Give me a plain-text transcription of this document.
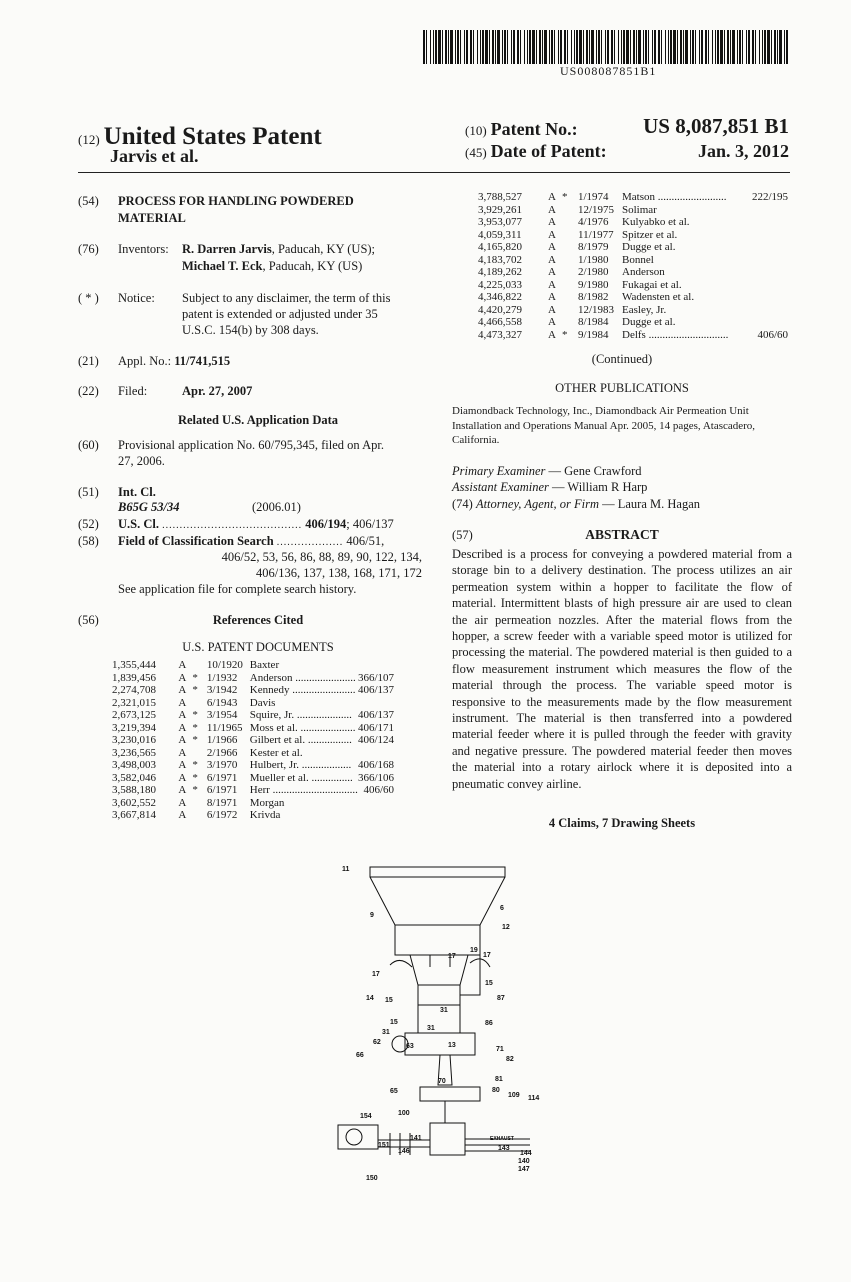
US008087851B1
(12) United States Patent
Jarvis et al.
(10) Patent No.:	US 8,087,851 B1
(45) Date of Patent:	Jan. 3, 2012
(54) PROCESS FOR HANDLING POWDERED
MATERIAL
(76) Inventors: R. Darren Jarvis, Paducah, KY (US);
Michael T. Eck, Paducah, KY (US)
( * ) Notice: Subject to any disclaimer, the term of this
patent is extended or adjusted under 35
U.S.C. 154(b) by 308 days.
(21) Appl. No.: 11/741,515
(22) Filed:	Apr. 27, 2007
Related U.S. Application Data
(60) Provisional application No. 60/795,345, filed on Apr.
27, 2006.
(51) Int. Cl.
B65G 53/34	(2006.01)
(52) U.S. Cl. ........................................ 406/194; 406/137
(58) Field of Classification Search ................... 406/51,
406/52, 53, 56, 86, 88, 89, 90, 122, 134,
406/136, 137, 138, 168, 171, 172
See application file for complete search history.
(56)	References Cited
U.S. PATENT DOCUMENTS
1,355,444	A	10/1920	Baxter	
1,839,456	A *	1/1932	Anderson ......................	366/107
2,274,708	A *	3/1942	Kennedy .......................	406/137
2,321,015	A	6/1943	Davis	
2,673,125	A *	3/1954	Squire, Jr. ....................	406/137
3,219,394	A *	11/1965	Moss et al. ....................	406/171
3,230,016	A *	1/1966	Gilbert et al. ................	406/124
3,236,565	A	2/1966	Kester et al.	
3,498,003	A *	3/1970	Hulbert, Jr. ..................	406/168
3,582,046	A *	6/1971	Mueller et al. ...............	366/106
3,588,180	A *	6/1971	Herr ...............................	406/60
3,602,552	A	8/1971	Morgan	
3,667,814	A	6/1972	Krivda	
3,788,527	A *	1/1974	Matson .........................	222/195
3,929,261	A	12/1975	Solimar	
3,953,077	A	4/1976	Kulyabko et al.	
4,059,311	A	11/1977	Spitzer et al.	
4,165,820	A	8/1979	Dugge et al.	
4,183,702	A	1/1980	Bonnel	
4,189,262	A	2/1980	Anderson	
4,225,033	A	9/1980	Fukagai et al.	
4,346,822	A	8/1982	Wadensten et al.	
4,420,279	A	12/1983	Easley, Jr.	
4,466,558	A	8/1984	Dugge et al.	
4,473,327	A *	9/1984	Delfs .............................	406/60
(Continued)
OTHER PUBLICATIONS
Diamondback Technology, Inc., Diamondback Air Permeation Unit
Installation and Operations Manual Apr. 2005, 14 pages, Atascadero,
California.
Primary Examiner — Gene Crawford
Assistant Examiner — William R Harp
(74) Attorney, Agent, or Firm — Laura M. Hagan
(57)	ABSTRACT
Described is a process for conveying a powdered material from a storage bin to a delivery destination. The process utilizes an air permeation system within a hopper to facilitate the flow of material. Intermittent blasts of high pressure air are used to clean the air permeation nozzles. After the material flows from the hopper, a screw feeder with a variable speed motor is utilized for processing the material. The powdered material is then guided to a flow measurement instrument which measures the flow of the material through the process. The variable speed motor is responsive to the measurements made by the flow measurement instrument. The material is then transferred into a powdered material feeder where it is pulled through the feeder with gravity and negative pressure. The powdered material feeder then moves the material into a rotary airlock where it is deposited into a pneumatic convey airline.
4 Claims, 7 Drawing Sheets
11
9
6
12
19
17	17
17
15
15
15
14	87
31
31
31
86
62
63	13
66
71
82
70
65
81
80
109 114
100
154
141
151
146
EXHAUST
143
144
140
147
150
